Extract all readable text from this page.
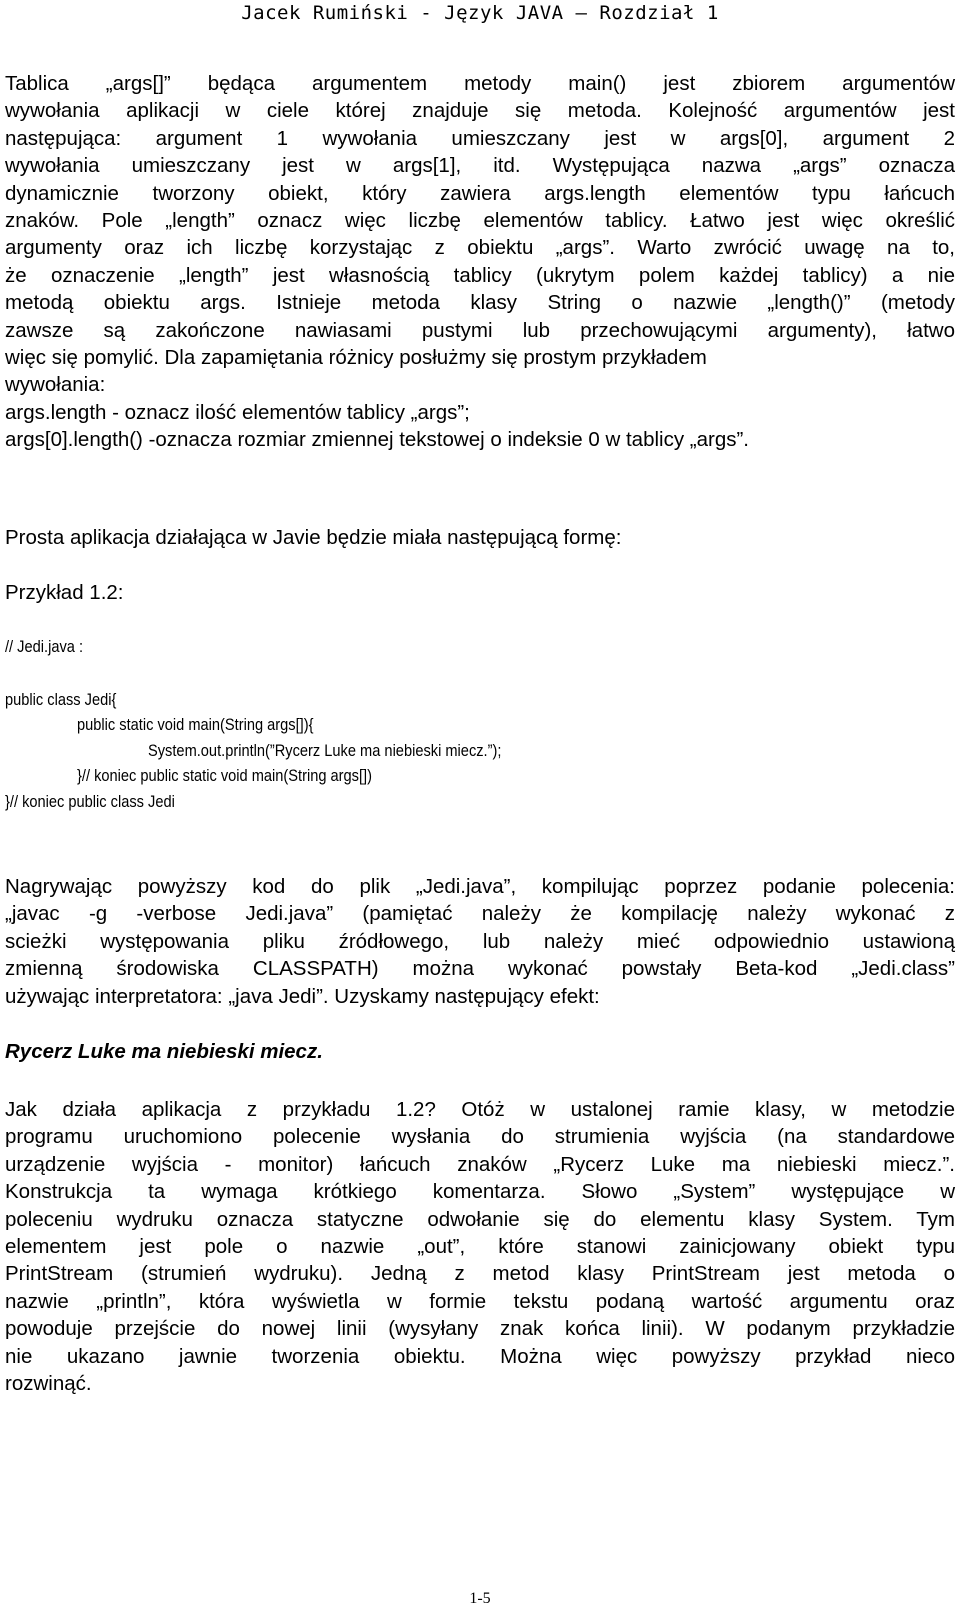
Jacek Rumiński - Język JAVA – Rozdział 1
Tablica „args[]” będąca argumentem metody main() jest zbiorem argumentów
wywołania aplikacji w ciele której znajduje się metoda. Kolejność argumentów jest
następująca: argument 1 wywołania umieszczany jest w args[0], argument 2
wywołania umieszczany jest w args[1], itd. Występująca nazwa „args” oznacza
dynamicznie tworzony obiekt, który zawiera args.length elementów typu łańcuch
znaków. Pole „length” oznacz więc liczbę elementów tablicy. Łatwo jest więc określić
argumenty oraz ich liczbę korzystając z obiektu „args”. Warto zwrócić uwagę na to,
że oznaczenie „length” jest własnością tablicy (ukrytym polem każdej tablicy) a nie
metodą obiektu args. Istnieje metoda klasy String o nazwie „length()” (metody
zawsze są zakończone nawiasami pustymi lub przechowującymi argumenty), łatwo
więc się pomylić. Dla zapamiętania różnicy posłużmy się prostym przykładem
wywołania:
args.length - oznacz ilość elementów tablicy „args”;
args[0].length() -oznacza rozmiar zmiennej tekstowej o indeksie 0 w tablicy „args”.
Prosta aplikacja działająca w Javie będzie miała następującą formę:
Przykład 1.2:
// Jedi.java :
public class Jedi{
public static void main(String args[]){
System.out.println(”Rycerz Luke ma niebieski miecz.”);
}// koniec public static void main(String args[])
}// koniec public class Jedi
Nagrywając powyższy kod do plik „Jedi.java”, kompilując poprzez podanie polecenia:
„javac -g -verbose Jedi.java” (pamiętać należy że kompilację należy wykonać z
scieżki występowania pliku źródłowego, lub należy mieć odpowiednio ustawioną
zmienną środowiska CLASSPATH) można wykonać powstały Beta-kod „Jedi.class”
używając interpretatora: „java Jedi”. Uzyskamy następujący efekt:
Rycerz Luke ma niebieski miecz.
Jak działa aplikacja z przykładu 1.2? Otóż w ustalonej ramie klasy, w metodzie
programu uruchomiono polecenie wysłania do strumienia wyjścia (na standardowe
urządzenie wyjścia - monitor) łańcuch znaków „Rycerz Luke ma niebieski miecz.”.
Konstrukcja ta wymaga krótkiego komentarza. Słowo „System” występujące w
poleceniu wydruku oznacza statyczne odwołanie się do elementu klasy System. Tym
elementem jest pole o nazwie „out”, które stanowi zainicjowany obiekt typu
PrintStream (strumień wydruku). Jedną z metod klasy PrintStream jest metoda o
nazwie „println”, która wyświetla w formie tekstu podaną wartość argumentu oraz
powoduje przejście do nowej linii (wysyłany znak końca linii). W podanym przykładzie
nie ukazano jawnie tworzenia obiektu. Można więc powyższy przykład nieco
rozwinąć.
1-5
